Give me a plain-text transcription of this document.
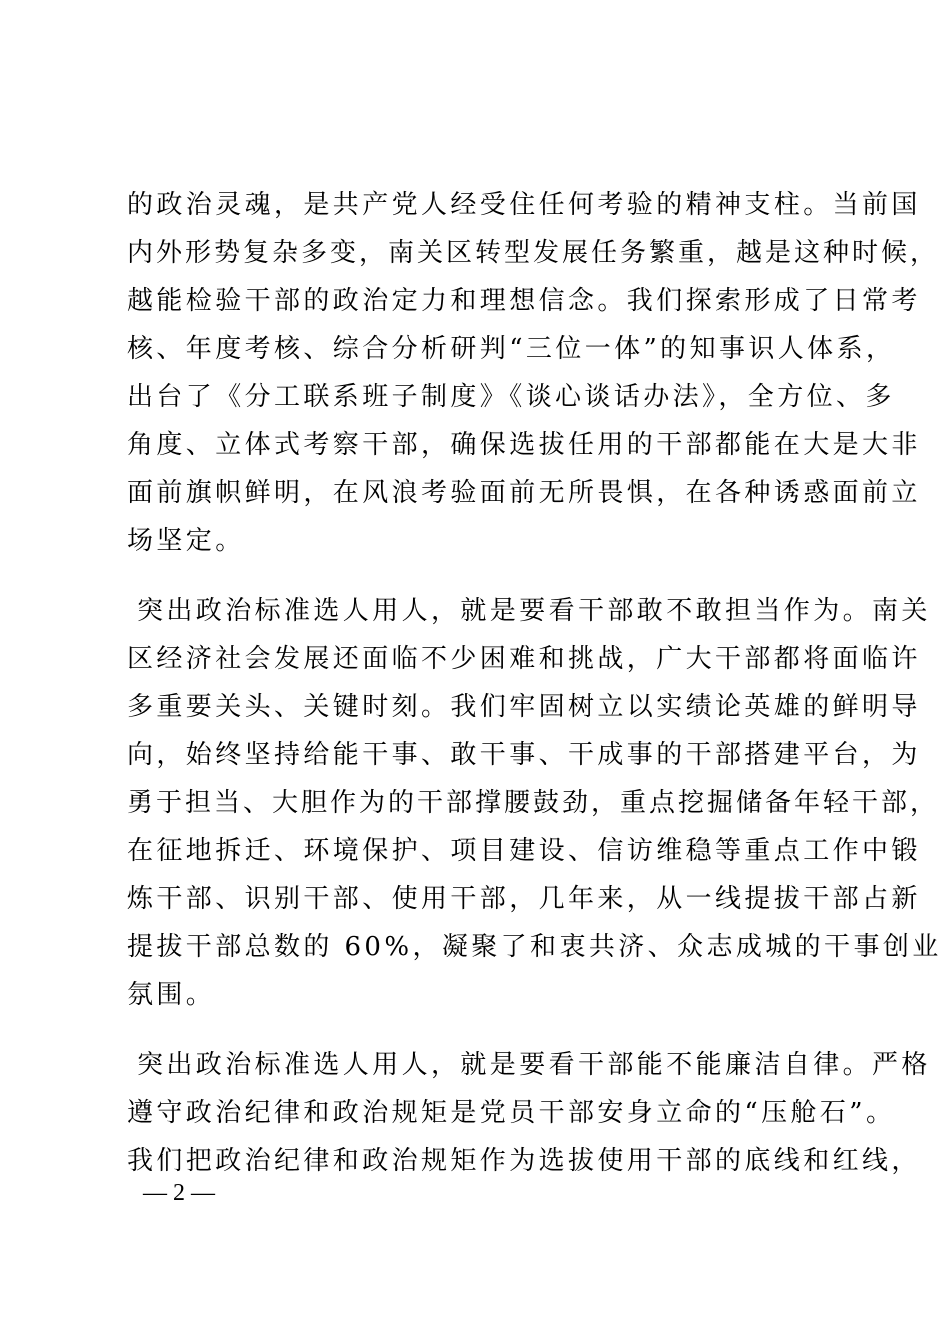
的政治灵魂，是共产党人经受住任何考验的精神支柱。当前国
内外形势复杂多变，南关区转型发展任务繁重，越是这种时候，
越能检验干部的政治定力和理想信念。我们探索形成了日常考
核、年度考核、综合分析研判“三位一体”的知事识人体系，
出台了《分工联系班子制度》《谈心谈话办法》，全方位、多
角度、立体式考察干部，确保选拔任用的干部都能在大是大非
面前旗帜鲜明，在风浪考验面前无所畏惧，在各种诱惑面前立
场坚定。
突出政治标准选人用人，就是要看干部敢不敢担当作为。南关
区经济社会发展还面临不少困难和挑战，广大干部都将面临许
多重要关头、关键时刻。我们牢固树立以实绩论英雄的鲜明导
向，始终坚持给能干事、敢干事、干成事的干部搭建平台，为
勇于担当、大胆作为的干部撑腰鼓劲，重点挖掘储备年轻干部，
在征地拆迁、环境保护、项目建设、信访维稳等重点工作中锻
炼干部、识别干部、使用干部，几年来，从一线提拔干部占新
提拔干部总数的 60%，凝聚了和衷共济、众志成城的干事创业
氛围。
突出政治标准选人用人，就是要看干部能不能廉洁自律。严格
遵守政治纪律和政治规矩是党员干部安身立命的“压舱石”。
我们把政治纪律和政治规矩作为选拔使用干部的底线和红线，
— 2 —
